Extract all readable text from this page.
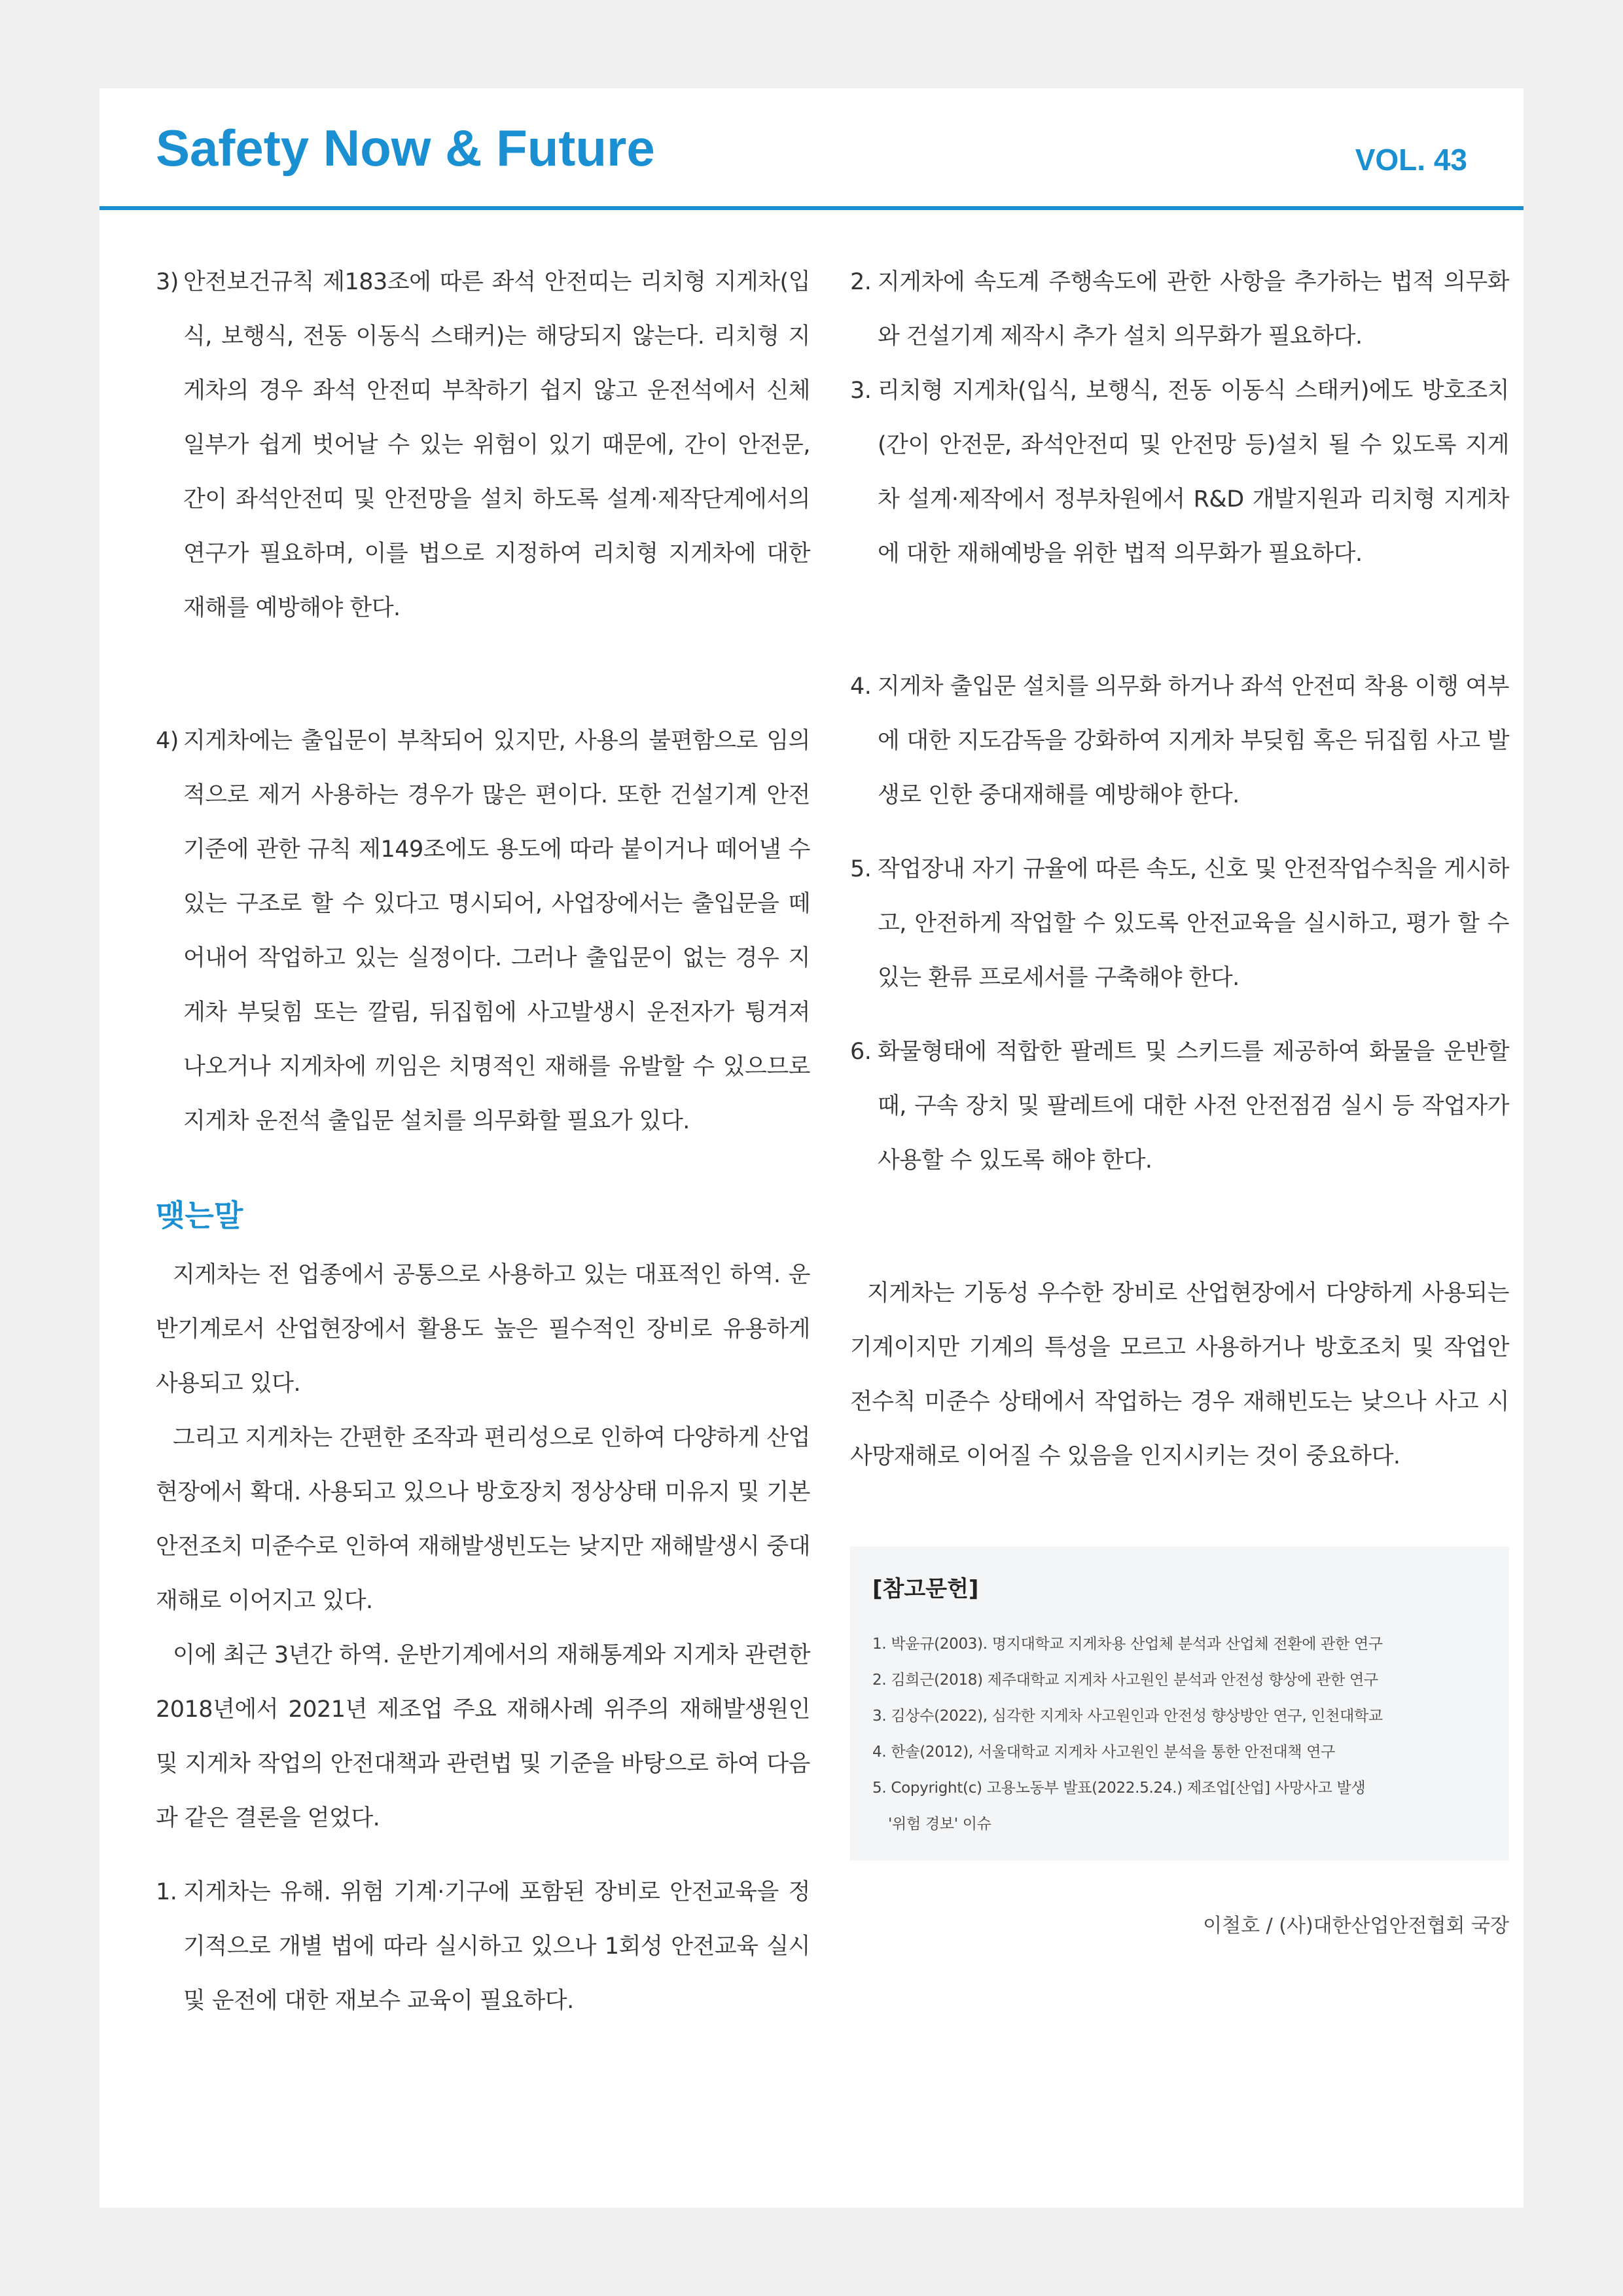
Safety Now & Future	VOL. 43
3) 안전보건규칙 제183조에 따른 좌석 안전띠는 리치형 지게차(입식, 보행식, 전동 이동식 스태커)는 해당되지 않는다. 리치형 지게차의 경우 좌석 안전띠 부착하기 쉽지 않고 운전석에서 신체 일부가 쉽게 벗어날 수 있는 위험이 있기 때문에, 간이 안전문, 간이 좌석안전띠 및 안전망을 설치 하도록 설계·제작단계에서의 연구가 필요하며, 이를 법으로 지정하여 리치형 지게차에 대한 재해를 예방해야 한다.
4) 지게차에는 출입문이 부착되어 있지만, 사용의 불편함으로 임의적으로 제거 사용하는 경우가 많은 편이다. 또한 건설기계 안전기준에 관한 규칙 제149조에도 용도에 따라 붙이거나 떼어낼 수 있는 구조로 할 수 있다고 명시되어, 사업장에서는 출입문을 떼어내어 작업하고 있는 실정이다. 그러나 출입문이 없는 경우 지게차 부딪힘 또는 깔림, 뒤집힘에 사고발생시 운전자가 튕겨져 나오거나 지게차에 끼임은 치명적인 재해를 유발할 수 있으므로 지게차 운전석 출입문 설치를 의무화할 필요가 있다.
맺는말
지게차는 전 업종에서 공통으로 사용하고 있는 대표적인 하역. 운반기계로서 산업현장에서 활용도 높은 필수적인 장비로 유용하게 사용되고 있다.
그리고 지게차는 간편한 조작과 편리성으로 인하여 다양하게 산업현장에서 확대. 사용되고 있으나 방호장치 정상상태 미유지 및 기본안전조치 미준수로 인하여 재해발생빈도는 낮지만 재해발생시 중대재해로 이어지고 있다.
이에 최근 3년간 하역. 운반기계에서의 재해통계와 지게차 관련한 2018년에서 2021년 제조업 주요 재해사례 위주의 재해발생원인 및 지게차 작업의 안전대책과 관련법 및 기준을 바탕으로 하여 다음과 같은 결론을 얻었다.
1. 지게차는 유해. 위험 기계·기구에 포함된 장비로 안전교육을 정기적으로 개별 법에 따라 실시하고 있으나 1회성 안전교육 실시 및 운전에 대한 재보수 교육이 필요하다.
2. 지게차에 속도계 주행속도에 관한 사항을 추가하는 법적 의무화와 건설기계 제작시 추가 설치 의무화가 필요하다.
3. 리치형 지게차(입식, 보행식, 전동 이동식 스태커)에도 방호조치(간이 안전문, 좌석안전띠 및 안전망 등)설치 될 수 있도록 지게차 설계·제작에서 정부차원에서 R&D 개발지원과 리치형 지게차에 대한 재해예방을 위한 법적 의무화가 필요하다.
4. 지게차 출입문 설치를 의무화 하거나 좌석 안전띠 착용 이행 여부에 대한 지도감독을 강화하여 지게차 부딪힘 혹은 뒤집힘 사고 발생로 인한 중대재해를 예방해야 한다.
5. 작업장내 자기 규율에 따른 속도, 신호 및 안전작업수칙을 게시하고, 안전하게 작업할 수 있도록 안전교육을 실시하고, 평가 할 수 있는 환류 프로세서를 구축해야 한다.
6. 화물형태에 적합한 팔레트 및 스키드를 제공하여 화물을 운반할 때, 구속 장치 및 팔레트에 대한 사전 안전점검 실시 등 작업자가 사용할 수 있도록 해야 한다.
지게차는 기동성 우수한 장비로 산업현장에서 다양하게 사용되는 기계이지만 기계의 특성을 모르고 사용하거나 방호조치 및 작업안전수칙 미준수 상태에서 작업하는 경우 재해빈도는 낮으나 사고 시 사망재해로 이어질 수 있음을 인지시키는 것이 중요하다.
[참고문헌]
1. 박윤규(2003). 명지대학교 지게차용 산업체 분석과 산업체 전환에 관한 연구
2. 김희근(2018) 제주대학교 지게차 사고원인 분석과 안전성 향상에 관한 연구
3. 김상수(2022), 심각한 지게차 사고원인과 안전성 향상방안 연구, 인천대학교
4. 한솔(2012), 서울대학교 지게차 사고원인 분석을 통한 안전대책 연구
5. Copyright(c) 고용노동부 발표(2022.5.24.) 제조업[산업] 사망사고 발생
'위험 경보' 이슈
이철호 / (사)대한산업안전협회 국장
